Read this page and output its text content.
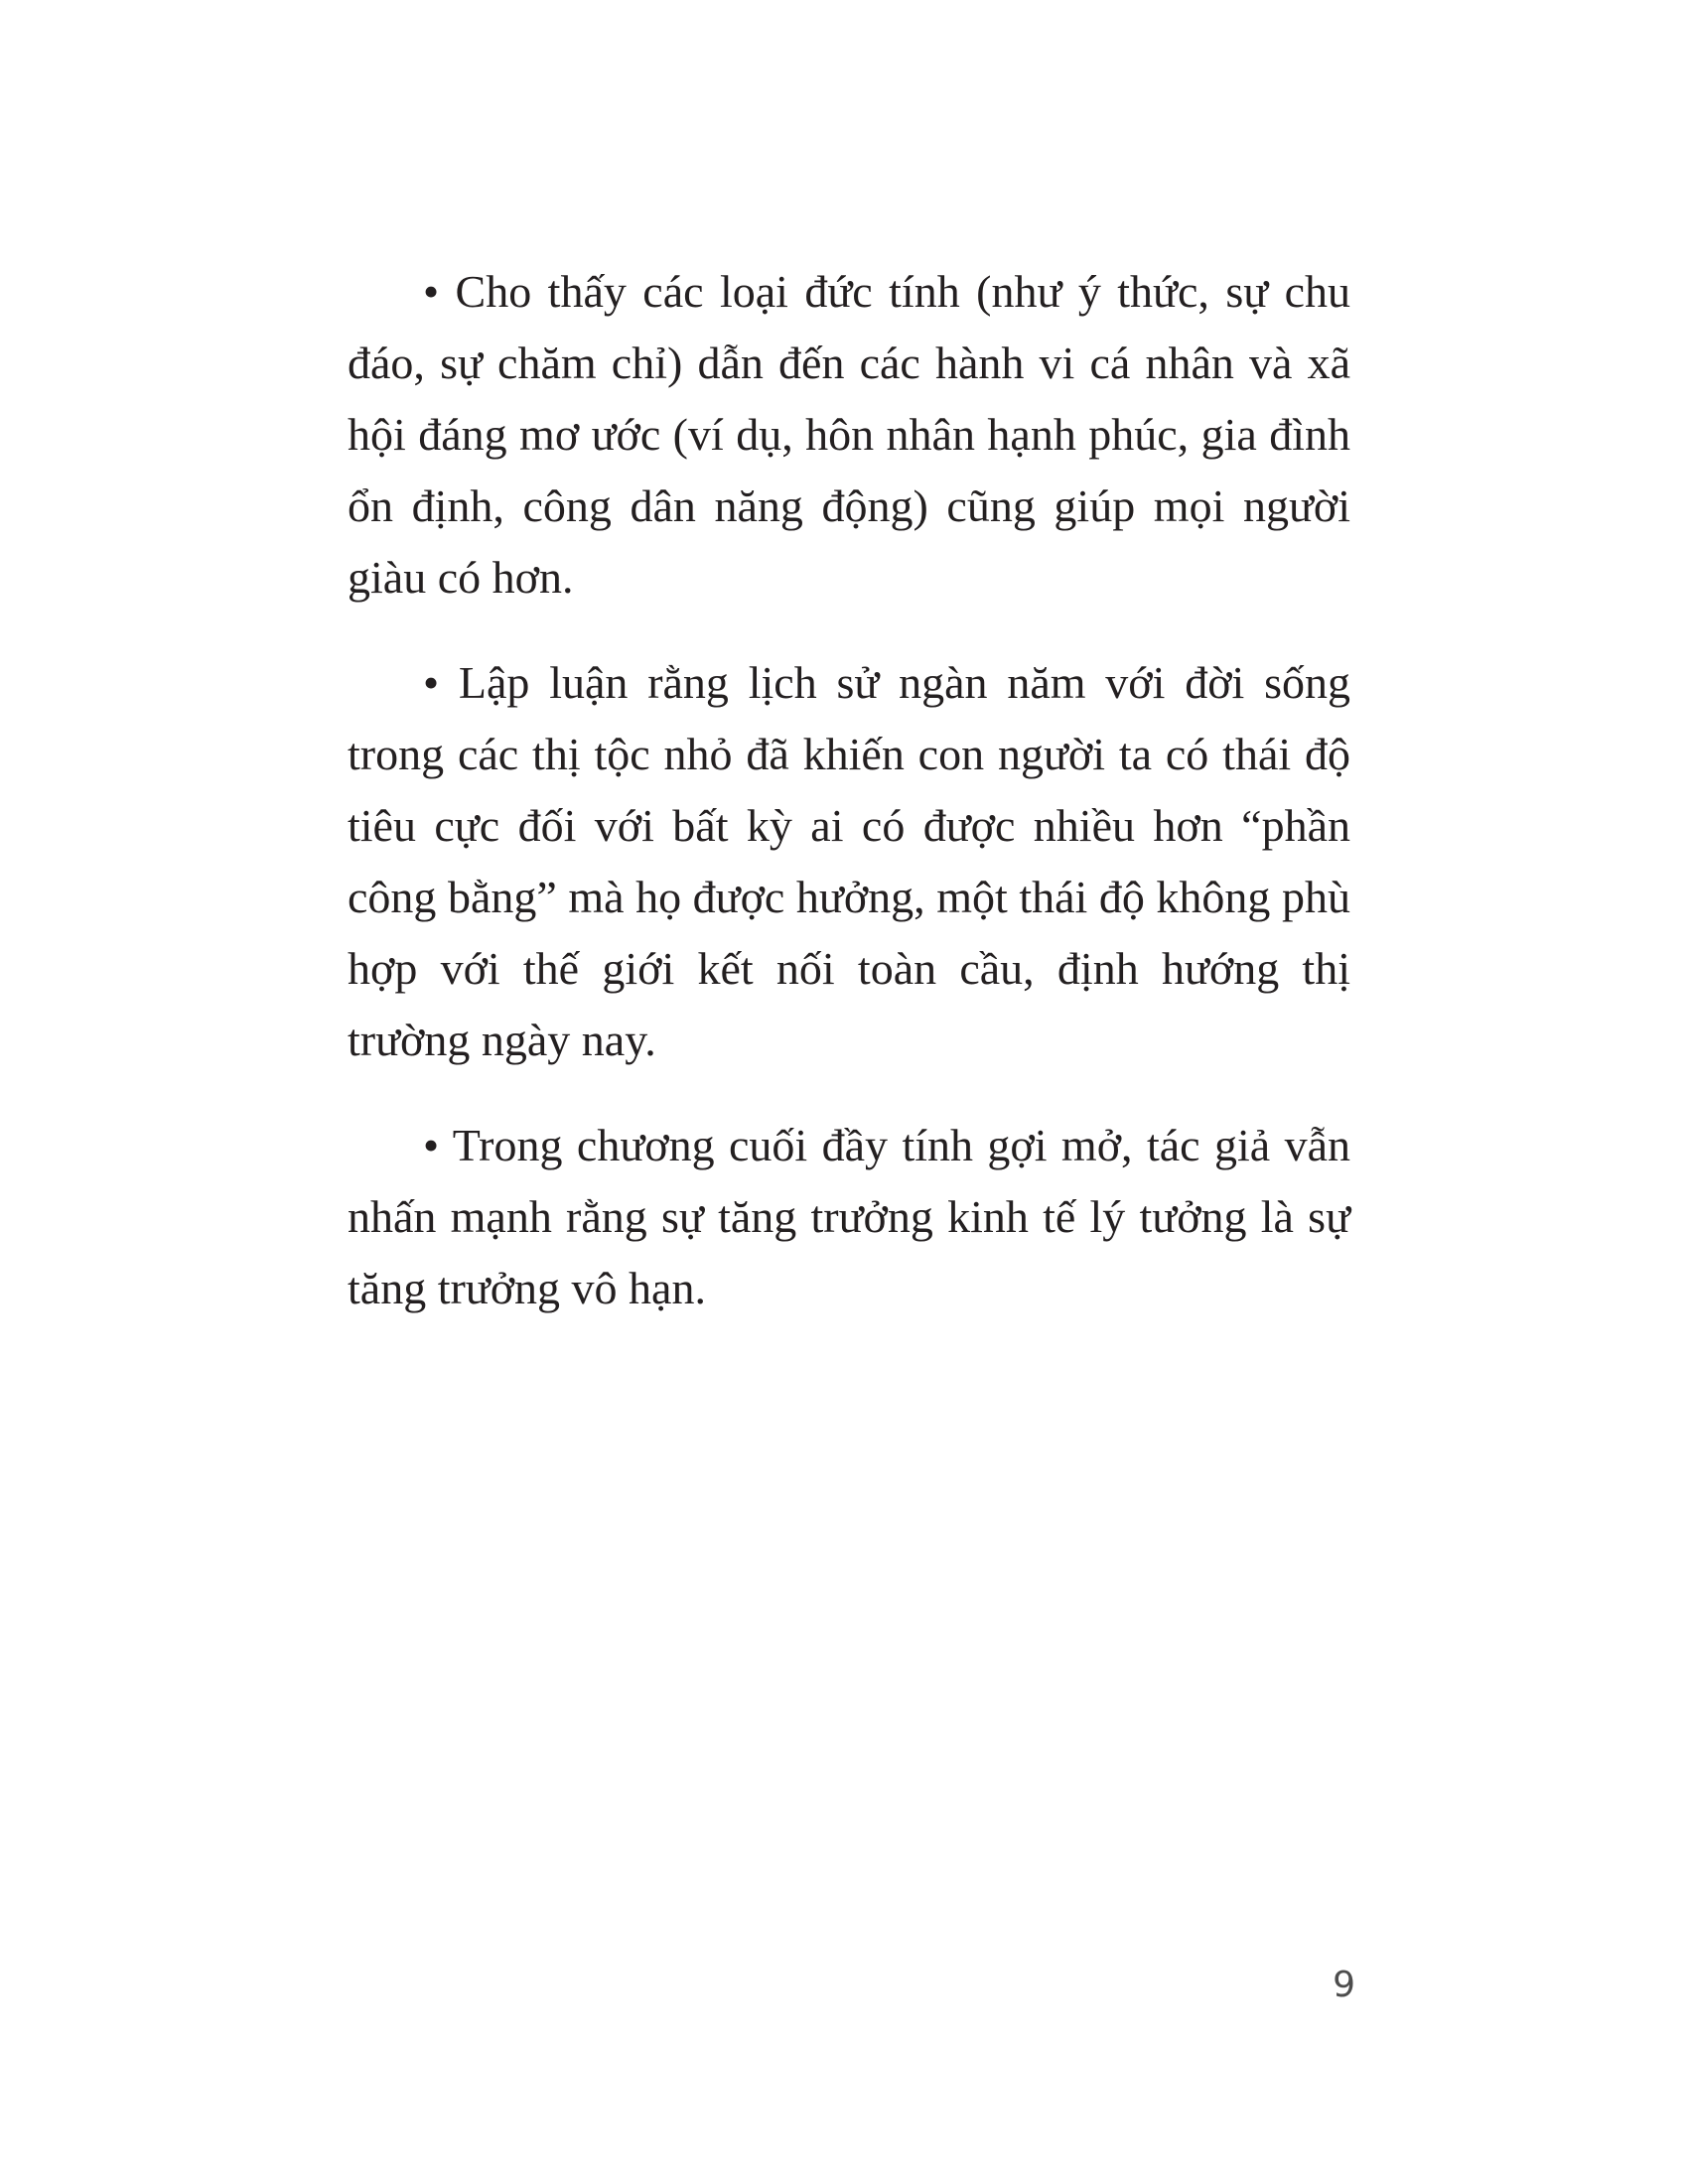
• Cho thấy các loại đức tính (như ý thức, sự chu đáo, sự chăm chỉ) dẫn đến các hành vi cá nhân và xã hội đáng mơ ước (ví dụ, hôn nhân hạnh phúc, gia đình ổn định, công dân năng động) cũng giúp mọi người giàu có hơn.

• Lập luận rằng lịch sử ngàn năm với đời sống trong các thị tộc nhỏ đã khiến con người ta có thái độ tiêu cực đối với bất kỳ ai có được nhiều hơn “phần công bằng” mà họ được hưởng, một thái độ không phù hợp với thế giới kết nối toàn cầu, định hướng thị trường ngày nay.

• Trong chương cuối đầy tính gợi mở, tác giả vẫn nhấn mạnh rằng sự tăng trưởng kinh tế lý tưởng là sự tăng trưởng vô hạn.

9
